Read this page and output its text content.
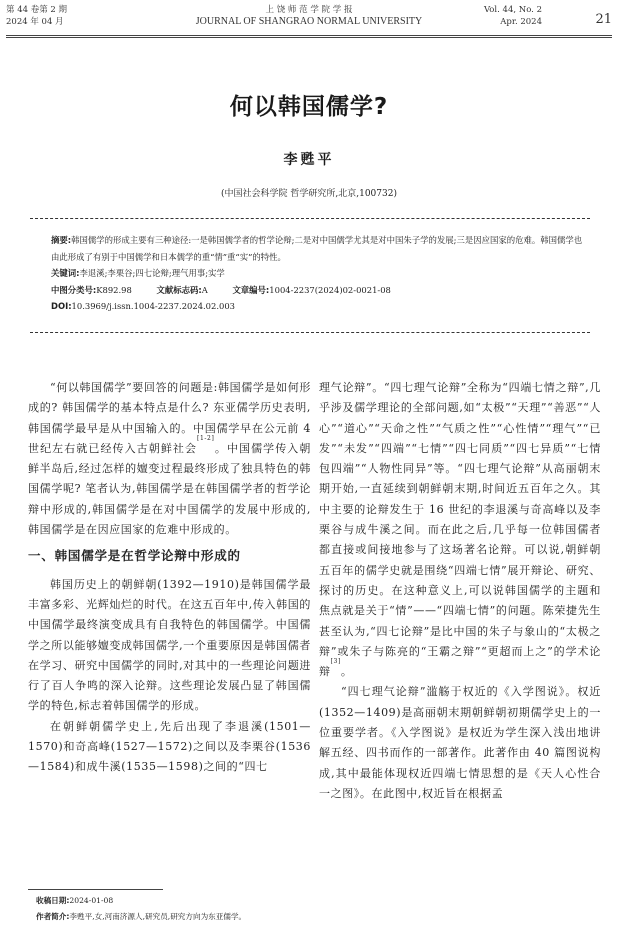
第 44 卷第 2 期
2024 年 04 月
上 饶 师 范 学 院 学 报
JOURNAL OF SHANGRAO NORMAL UNIVERSITY
Vol. 44, No. 2
Apr. 2024	21
何以韩国儒学?
李甦平
(中国社会科学院 哲学研究所,北京,100732)

摘要:韩国儒学的形成主要有三种途径:一是韩国儒学者的哲学论辩;二是对中国儒学尤其是对中国朱子学的发展;三是因应国家的危难。韩国儒学也由此形成了有别于中国儒学和日本儒学的重“情”重“实”的特性。

关键词:李退溪;李栗谷;四七论辩;理气用事;实学

中图分类号:K892.98	文献标志码:A	文章编号:1004-2237(2024)02-0021-08

DOI:10.3969/j.issn.1004-2237.2024.02.003

“何以韩国儒学”要回答的问题是:韩国儒学是如何形成的? 韩国儒学的基本特点是什么? 东亚儒学历史表明,韩国儒学最早是从中国输入的。中国儒学早在公元前 4 世纪左右就已经传入古朝鲜社会[1-2]。中国儒学传入朝鲜半岛后,经过怎样的嬗变过程最终形成了独具特色的韩国儒学呢? 笔者认为,韩国儒学是在韩国儒学者的哲学论辩中形成的,韩国儒学是在对中国儒学的发展中形成的,韩国儒学是在因应国家的危难中形成的。

一、韩国儒学是在哲学论辩中形成的

韩国历史上的朝鲜朝(1392—1910)是韩国儒学最丰富多彩、光辉灿烂的时代。在这五百年中,传入韩国的中国儒学最终演变成具有自我特色的韩国儒学。中国儒学之所以能够嬗变成韩国儒学,一个重要原因是韩国儒者在学习、研究中国儒学的同时,对其中的一些理论问题进行了百人争鸣的深入论辩。这些理论发展凸显了韩国儒学的特色,标志着韩国儒学的形成。

在朝鲜朝儒学史上,先后出现了李退溪(1501—1570)和奇高峰(1527—1572)之间以及李栗谷(1536—1584)和成牛溪(1535—1598)之间的“四七

理气论辩”。“四七理气论辩”全称为“四端七情之辩”,几乎涉及儒学理论的全部问题,如“太极”“天理”“善恶”“人心”“道心”“天命之性”“气质之性”“心性情”“理气”“已发”“未发”“四端”“七情”“四七同质”“四七异质”“七情包四端”“人物性同异”等。“四七理气论辩”从高丽朝末期开始,一直延续到朝鲜朝末期,时间近五百年之久。其中主要的论辩发生于 16 世纪的李退溪与奇高峰以及李栗谷与成牛溪之间。而在此之后,几乎每一位韩国儒者都直接或间接地参与了这场著名论辩。可以说,朝鲜朝五百年的儒学史就是围绕“四端七情”展开辩论、研究、探讨的历史。在这种意义上,可以说韩国儒学的主题和焦点就是关于“情”——“四端七情”的问题。陈荣捷先生甚至认为,“四七论辩”是比中国的朱子与象山的“太极之辩”或朱子与陈亮的“王霸之辩”“更超而上之”的学术论辩[3]。

“四七理气论辩”滥觞于权近的《入学图说》。权近(1352—1409)是高丽朝末期朝鲜朝初期儒学史上的一位重要学者。《入学图说》是权近为学生深入浅出地讲解五经、四书而作的一部著作。此著作由 40 篇图说构成,其中最能体现权近四端七情思想的是《天人心性合一之图》。在此图中,权近旨在根据孟

收稿日期:2024-01-08
作者简介:李甦平,女,河南济源人,研究员,研究方向为东亚儒学。
